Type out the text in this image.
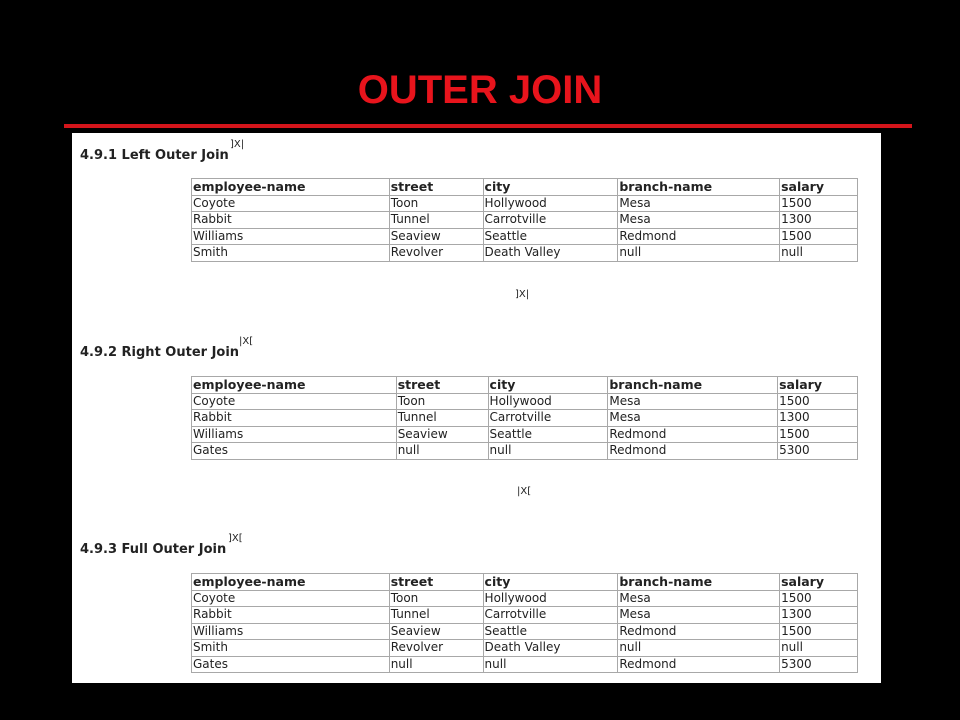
OUTER JOIN
4.9.1 Left Outer Join
]X|
employee-name	street	city	branch-name	salary
Coyote	Toon	Hollywood	Mesa	1500
Rabbit	Tunnel	Carrotville	Mesa	1300
Williams	Seaview	Seattle	Redmond	1500
Smith	Revolver	Death Valley	null	null
]X|
4.9.2 Right Outer Join
|X[
employee-name	street	city	branch-name	salary
Coyote	Toon	Hollywood	Mesa	1500
Rabbit	Tunnel	Carrotville	Mesa	1300
Williams	Seaview	Seattle	Redmond	1500
Gates	null	null	Redmond	5300
|X[
4.9.3 Full Outer Join
]X[
employee-name	street	city	branch-name	salary
Coyote	Toon	Hollywood	Mesa	1500
Rabbit	Tunnel	Carrotville	Mesa	1300
Williams	Seaview	Seattle	Redmond	1500
Smith	Revolver	Death Valley	null	null
Gates	null	null	Redmond	5300
